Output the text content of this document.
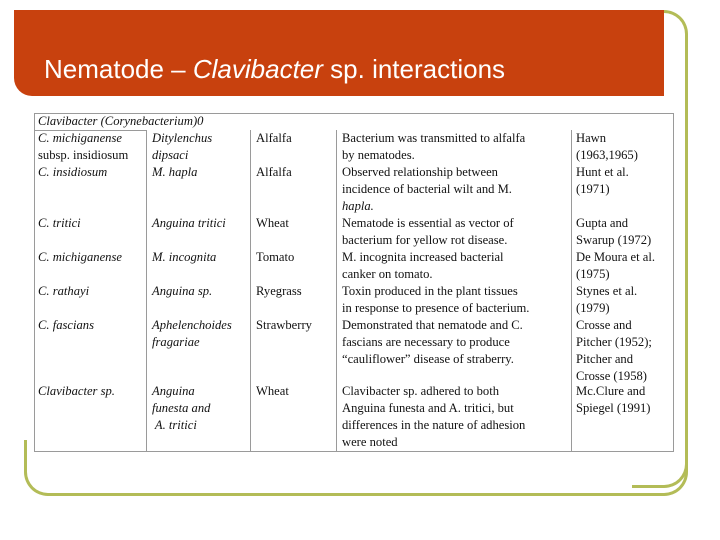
Nematode – Clavibacter sp. interactions
Clavibacter (Corynebacterium)0
C. michiganense
subsp. insidiosum
C. insidiosum
C. tritici
C. michiganense
C. rathayi
C. fascians
Clavibacter sp.
Ditylenchus
dipsaci
M. hapla
Anguina tritici
M. incognita
Anguina sp.
Aphelenchoides
fragariae
Anguina
funesta and
A. tritici
Alfalfa
Alfalfa
Wheat
Tomato
Ryegrass
Strawberry
Wheat
Bacterium was transmitted to alfalfa
by nematodes.
Observed relationship between
incidence of bacterial wilt and M.
hapla.
Nematode is essential as vector of
bacterium for yellow rot disease.
M. incognita increased bacterial
canker on tomato.
Toxin produced in the plant tissues
in response to presence of bacterium.
Demonstrated that nematode and C.
fascians are necessary to produce
“cauliflower” disease of straberry.
Clavibacter sp. adhered to both
Anguina funesta and A. tritici, but
differences in the nature of adhesion
were noted
Hawn
(1963,1965)
Hunt et al.
(1971)
Gupta and
Swarup (1972)
De Moura et al.
(1975)
Stynes et al.
(1979)
Crosse and
Pitcher (1952);
Pitcher and
Crosse (1958)
Mc.Clure and
Spiegel (1991)
